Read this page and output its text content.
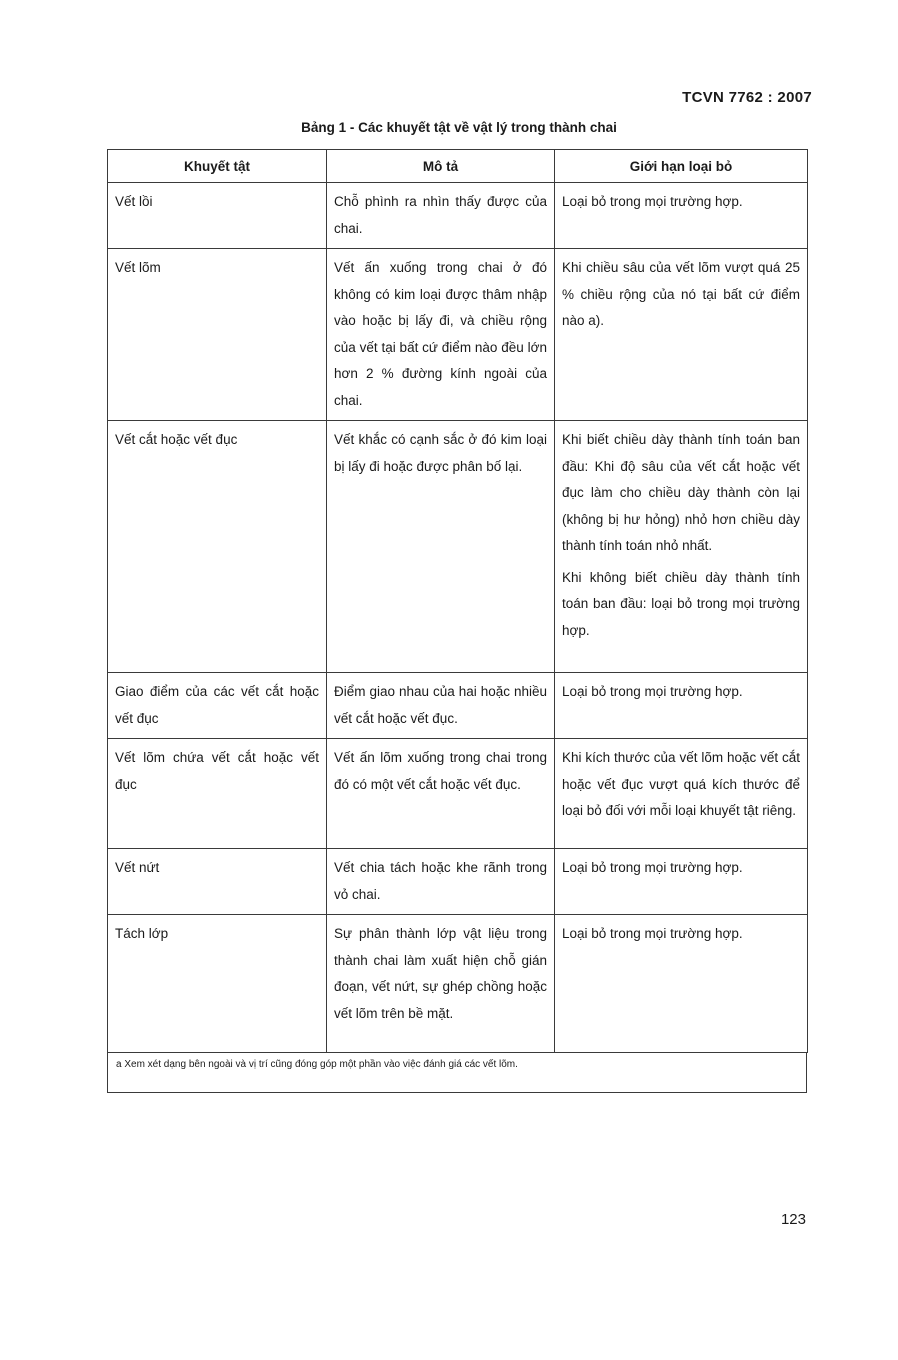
TCVN 7762 : 2007
Bảng 1 - Các khuyết tật về vật lý trong thành chai
Khuyết tật	Mô tả	Giới hạn loại bỏ
Vết lồi	Chỗ phình ra nhìn thấy được của chai.	Loại bỏ trong mọi trường hợp.

Vết lõm	Vết ấn xuống trong chai ở đó không có kim loại được thâm nhập vào hoặc bị lấy đi, và chiều rộng của vết tại bất cứ điểm nào đều lớn hơn 2 % đường kính ngoài của chai.	Khi chiều sâu của vết lõm vượt quá 25 % chiều rộng của nó tại bất cứ điểm nào a).

Vết cắt hoặc vết đục	Vết khắc có cạnh sắc ở đó kim loại bị lấy đi hoặc được phân bố lại.	Khi biết chiều dày thành tính toán ban đầu: Khi độ sâu của vết cắt hoặc vết đục làm cho chiều dày thành còn lại (không bị hư hỏng) nhỏ hơn chiều dày thành tính toán nhỏ nhất.
Khi không biết chiều dày thành tính toán ban đầu: loại bỏ trong mọi trường hợp.

Giao điểm của các vết cắt hoặc vết đục	Điểm giao nhau của hai hoặc nhiều vết cắt hoặc vết đục.	Loại bỏ trong mọi trường hợp.

Vết lõm chứa vết cắt hoặc vết đục	Vết ấn lõm xuống trong chai trong đó có một vết cắt hoặc vết đục.	Khi kích thước của vết lõm hoặc vết cắt hoặc vết đục vượt quá kích thước để loại bỏ đối với mỗi loại khuyết tật riêng.

Vết nứt	Vết chia tách hoặc khe rãnh trong vỏ chai.	Loại bỏ trong mọi trường hợp.

Tách lớp	Sự phân thành lớp vật liệu trong thành chai làm xuất hiện chỗ gián đoạn, vết nứt, sự ghép chồng hoặc vết lõm trên bề mặt.	Loại bỏ trong mọi trường hợp.
a Xem xét dạng bên ngoài và vị trí cũng đóng góp một phần vào việc đánh giá các vết lõm.
123
